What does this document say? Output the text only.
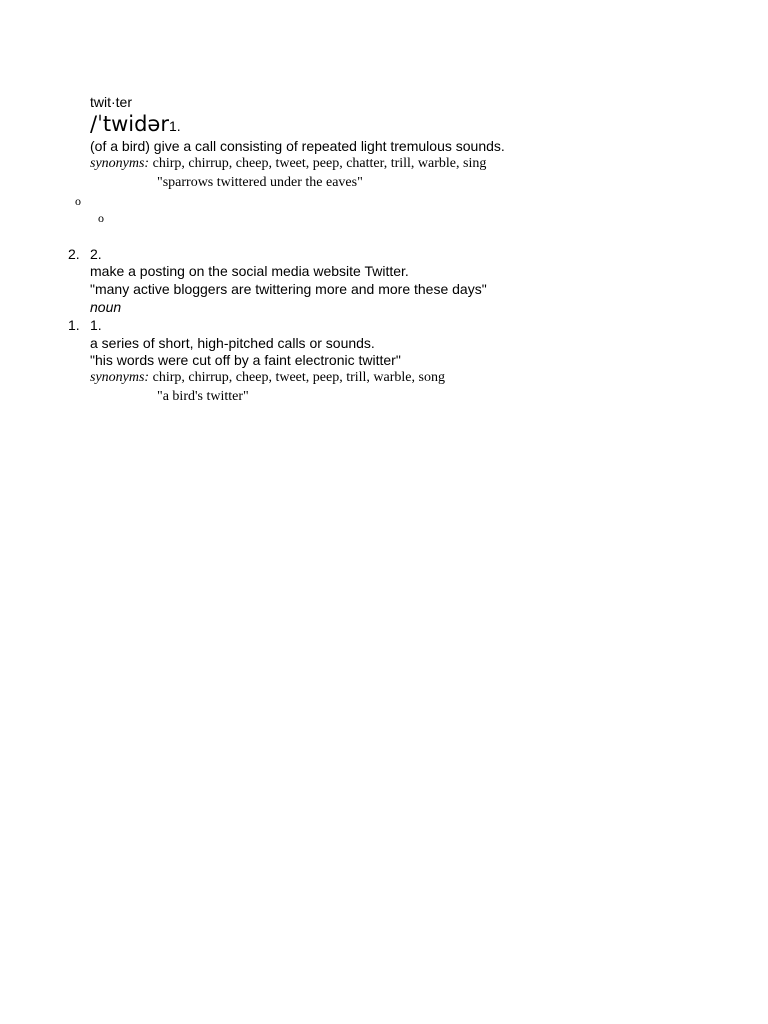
twit·ter
/ˈtwidər1.
(of a bird) give a call consisting of repeated light tremulous sounds.
synonyms: chirp, chirrup, cheep, tweet, peep, chatter, trill, warble, sing
"sparrows twittered under the eaves"
o
o
2. 2.
make a posting on the social media website Twitter.
"many active bloggers are twittering more and more these days"
noun
1. 1.
a series of short, high-pitched calls or sounds.
"his words were cut off by a faint electronic twitter"
synonyms: chirp, chirrup, cheep, tweet, peep, trill, warble, song
"a bird's twitter"
